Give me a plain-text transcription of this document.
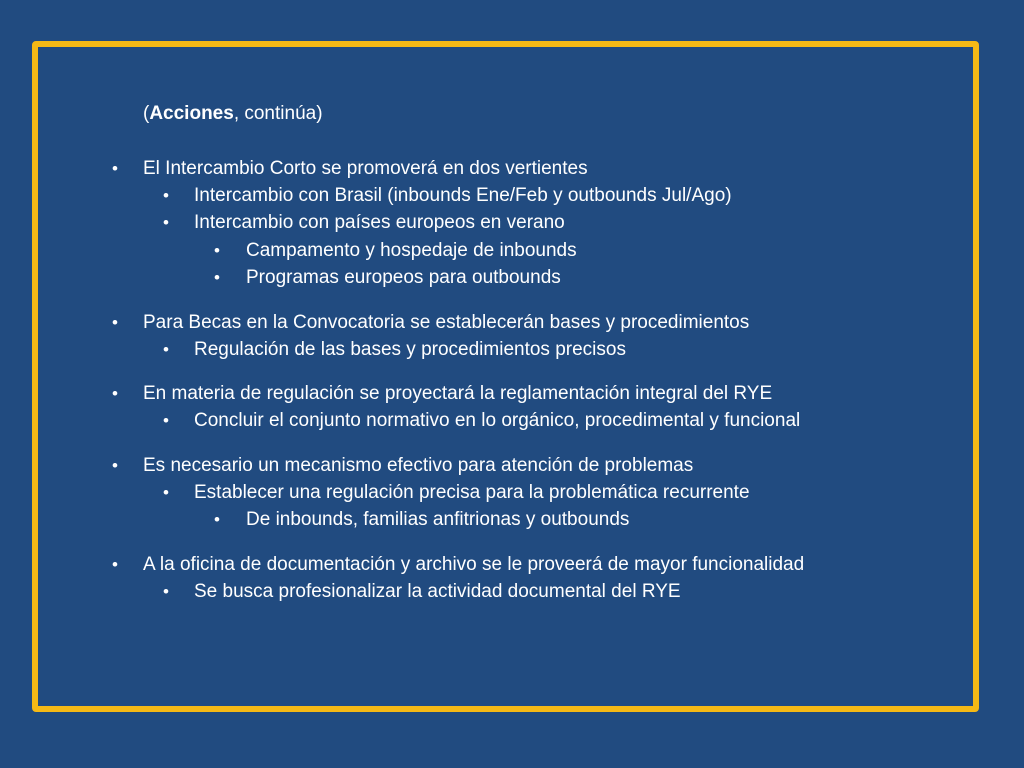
(Acciones, continúa)
•
•
•
•
•
•
•
•
•
•
•
•
•
•
El Intercambio Corto se promoverá en dos vertientes
Intercambio con Brasil (inbounds Ene/Feb y outbounds Jul/Ago)
Intercambio con países europeos en verano
Campamento y hospedaje de inbounds
Programas europeos para outbounds
Para Becas en la Convocatoria se establecerán bases y procedimientos
Regulación de las bases y procedimientos precisos
En materia de regulación se proyectará la reglamentación integral del RYE
Concluir el conjunto normativo en lo orgánico, procedimental y funcional
Es necesario un mecanismo efectivo para atención de problemas
Establecer una regulación precisa para la problemática recurrente
De inbounds, familias anfitrionas y outbounds
A la oficina de documentación y archivo se le proveerá de mayor funcionalidad
Se busca profesionalizar la actividad documental del RYE
